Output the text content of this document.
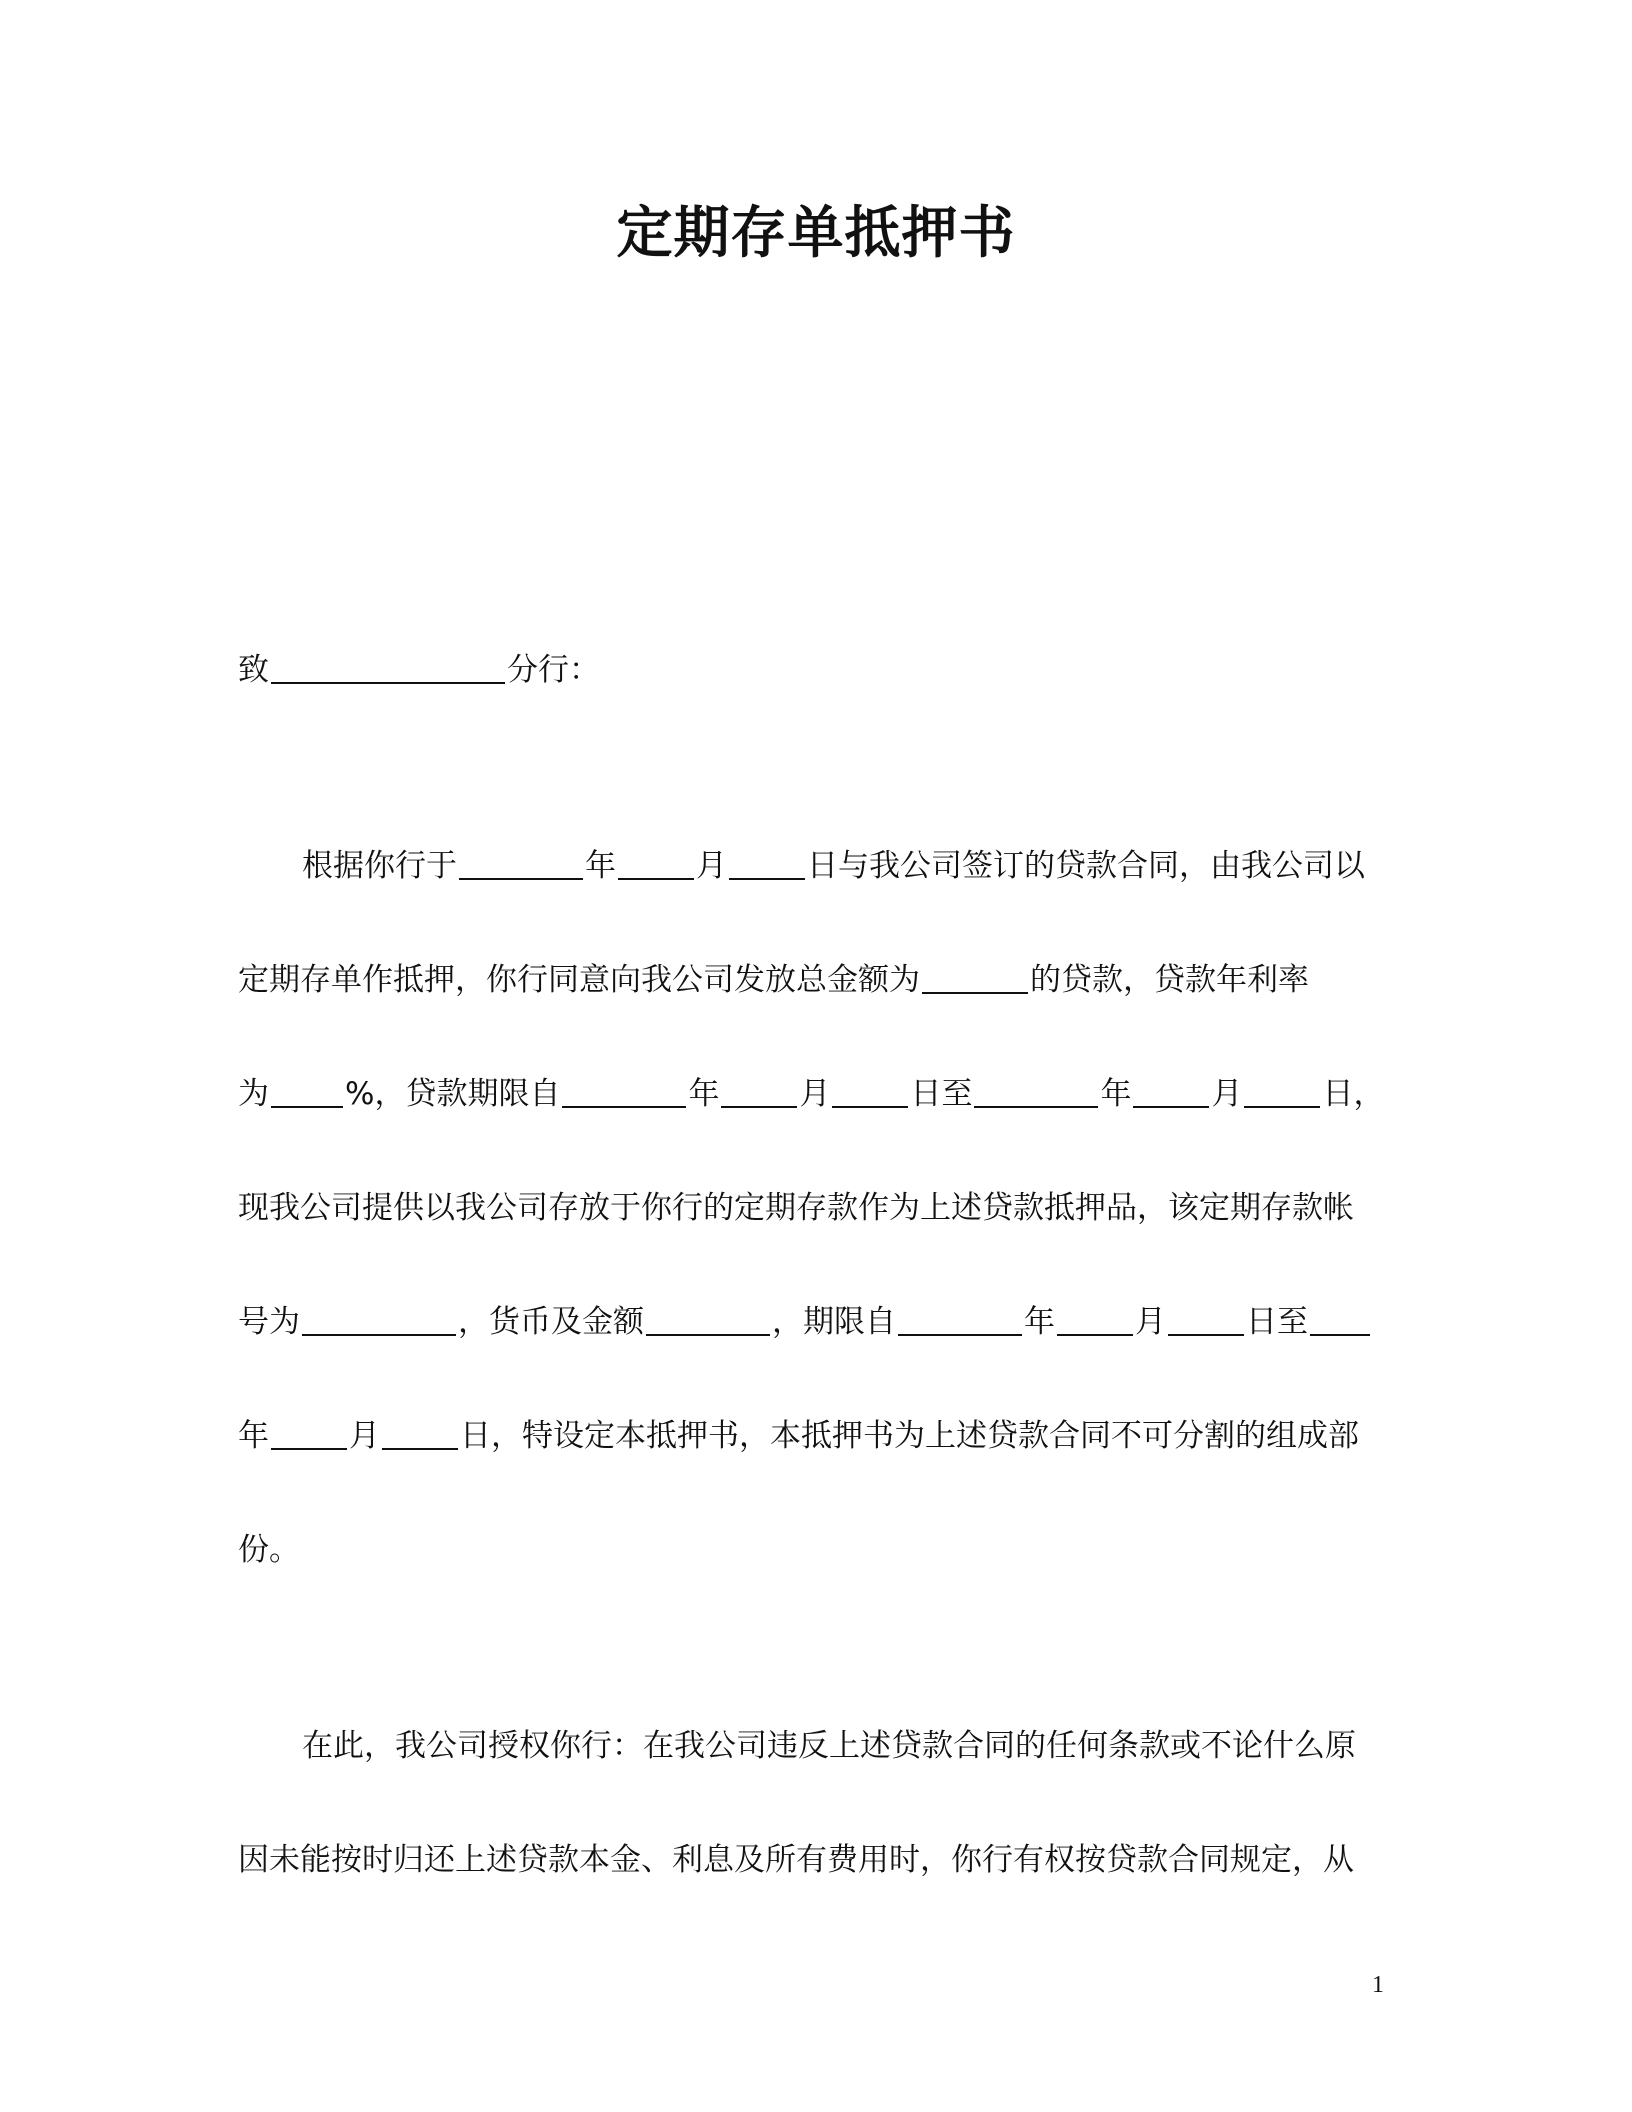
定期存单抵押书
致	分行：
根据你行于	年	月	日与我公司签订的贷款合同，由我公司以
定期存单作抵押，你行同意向我公司发放总金额为	的贷款，贷款年利率
为 %，贷款期限自	年	月	日至	年	月	日，
现我公司提供以我公司存放于你行的定期存款作为上述贷款抵押品，该定期存款帐
号为	，货币及金额	，期限自	年	月	日至
年	月	日，特设定本抵押书，本抵押书为上述贷款合同不可分割的组成部
份。
在此，我公司授权你行：在我公司违反上述贷款合同的任何条款或不论什么原
因未能按时归还上述贷款本金、利息及所有费用时，你行有权按贷款合同规定，从
1
